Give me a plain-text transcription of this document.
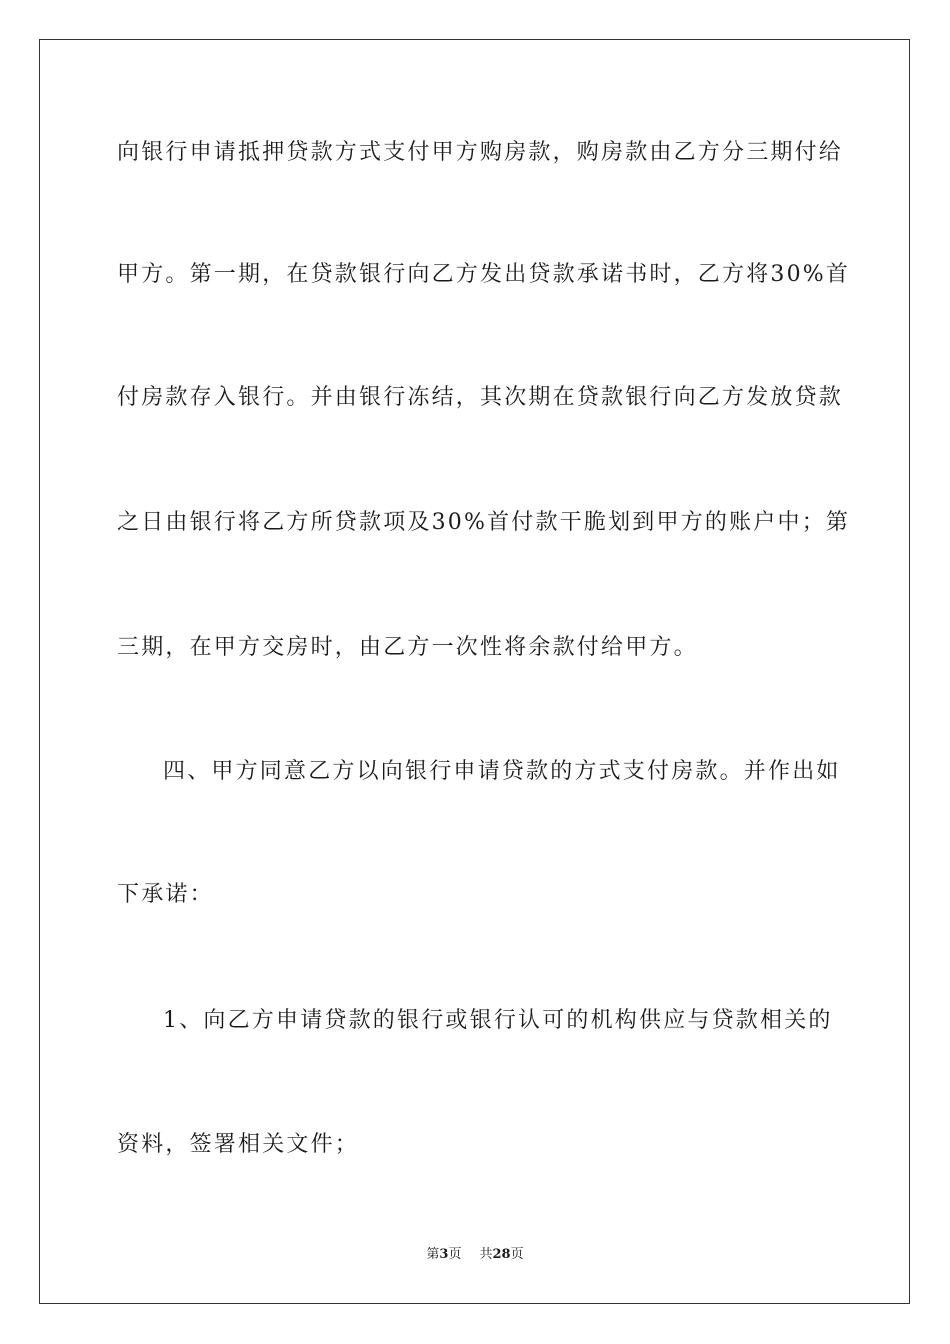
向银行申请抵押贷款方式支付甲方购房款，购房款由乙方分三期付给
甲方。第一期，在贷款银行向乙方发出贷款承诺书时，乙方将30%首
付房款存入银行。并由银行冻结，其次期在贷款银行向乙方发放贷款
之日由银行将乙方所贷款项及30%首付款干脆划到甲方的账户中；第
三期，在甲方交房时，由乙方一次性将余款付给甲方。
四、甲方同意乙方以向银行申请贷款的方式支付房款。并作出如
下承诺：
1、向乙方申请贷款的银行或银行认可的机构供应与贷款相关的
资料，签署相关文件；
第3页 共28页
